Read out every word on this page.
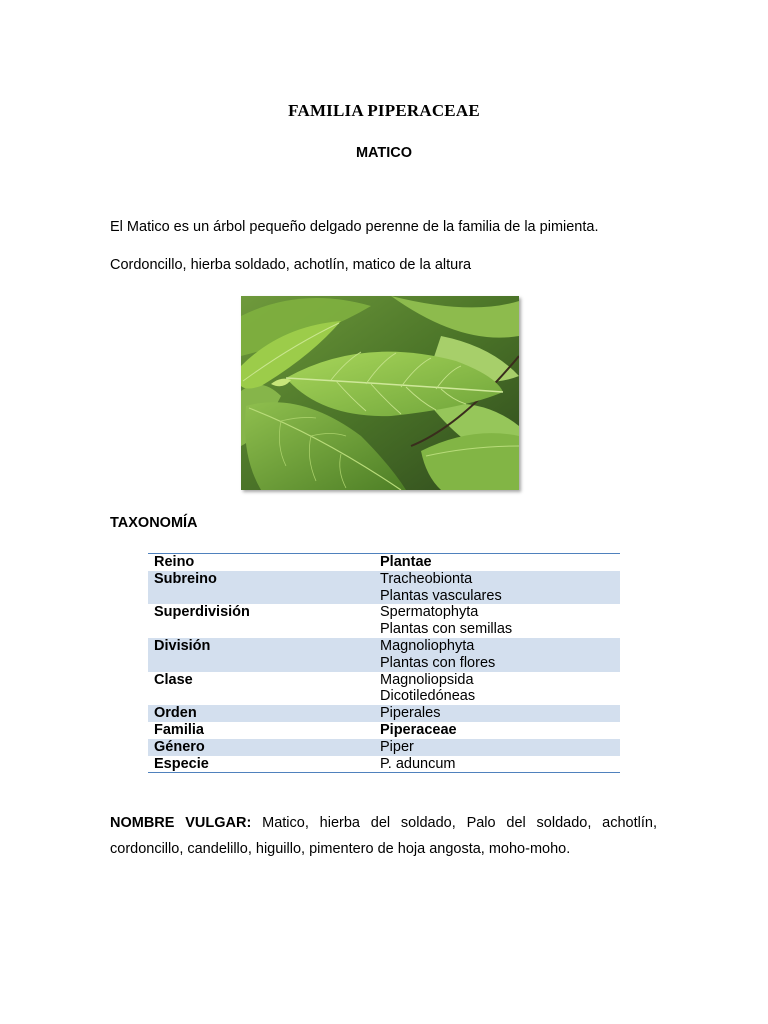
FAMILIA PIPERACEAE
MATICO
El Matico es un árbol pequeño delgado perenne de la familia de la pimienta.
Cordoncillo, hierba soldado, achotlín, matico de la altura
TAXONOMÍA
Reino	Plantae
Subreino	Tracheobionta
Plantas vasculares

Superdivisión	Spermatophyta
Plantas con semillas

División	Magnoliophyta
Plantas con flores

Clase	Magnoliopsida
Dicotiledóneas

Orden	Piperales
Familia	Piperaceae
Género	Piper
Especie	P. aduncum
NOMBRE VULGAR: Matico, hierba del soldado, Palo del soldado, achotlín, cordoncillo, candelillo, higuillo, pimentero de hoja angosta, moho-moho.
